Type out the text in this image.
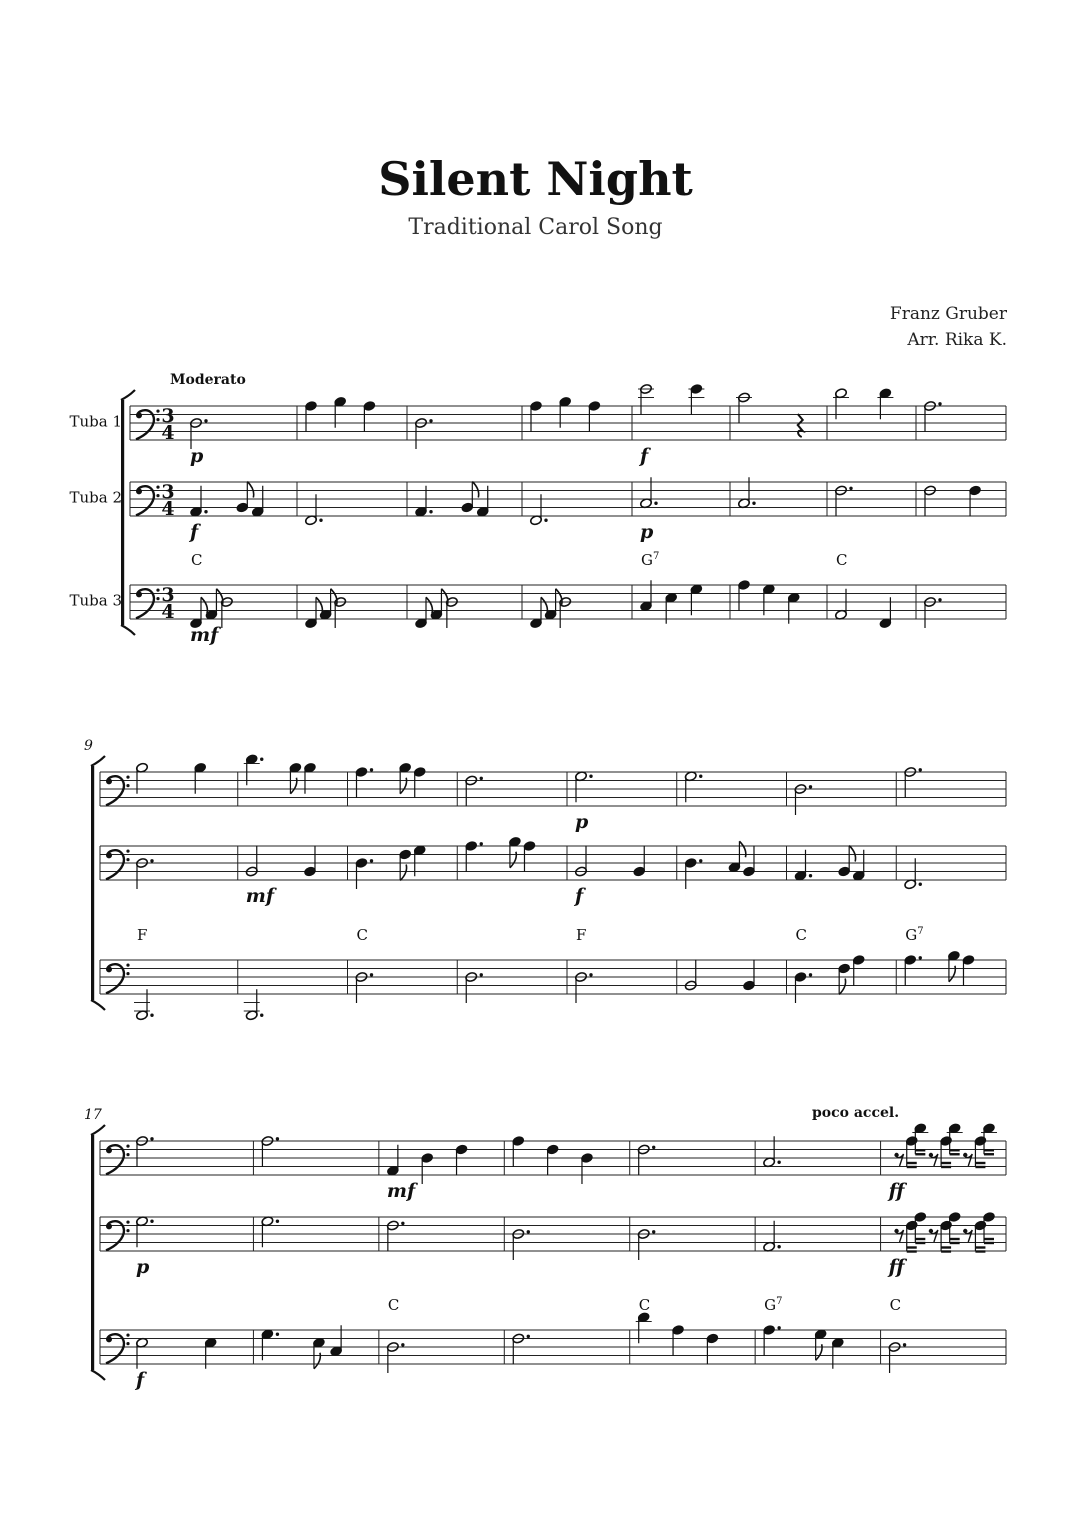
Silent Night
Traditional Carol Song
Franz Gruber
Arr. Rika K.
Moderato
Tuba 1 3
4
p	f
Tuba 2 3
4
f	p
Tuba 3 3
4
mf
C	$G^7$	C
9
p
mf	f
F	C	F	C	$G^7$
17	poco accel.
mf	ff
p	ff
f
C	C	$G^7$	C
